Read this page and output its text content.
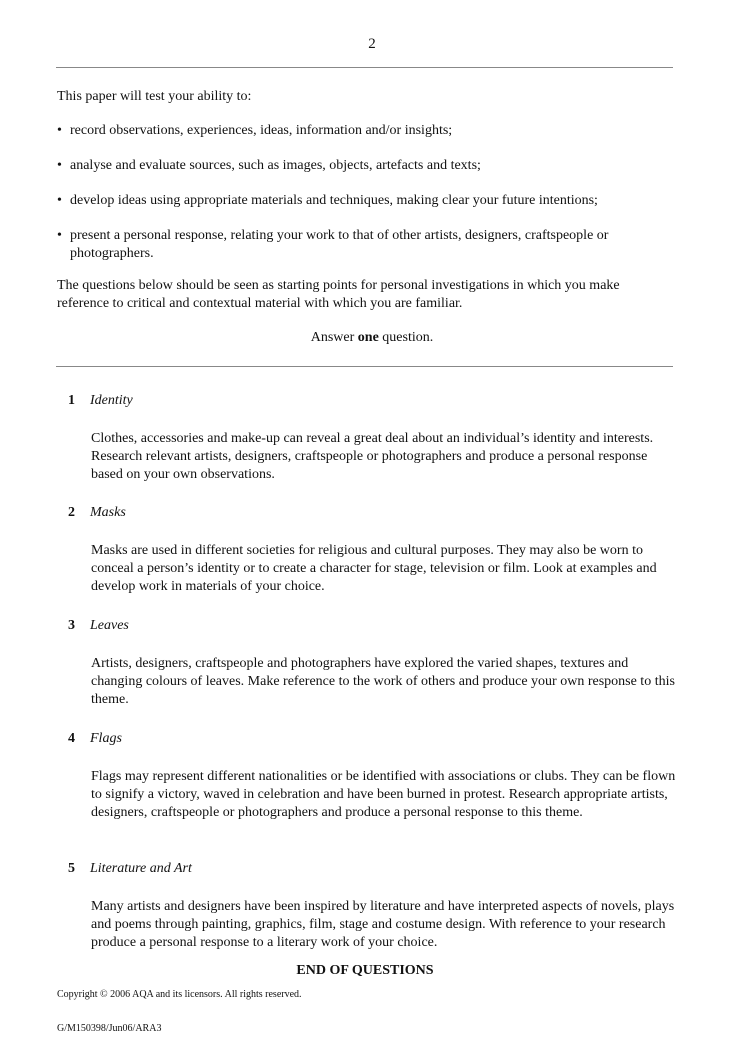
2
This paper will test your ability to:
• record observations, experiences, ideas, information and/or insights;
• analyse and evaluate sources, such as images, objects, artefacts and texts;
• develop ideas using appropriate materials and techniques, making clear your future intentions;
• present a personal response, relating your work to that of other artists, designers, craftspeople or photographers.
The questions below should be seen as starting points for personal investigations in which you make reference to critical and contextual material with which you are familiar.
Answer one question.
1 Identity
Clothes, accessories and make-up can reveal a great deal about an individual’s identity and interests. Research relevant artists, designers, craftspeople or photographers and produce a personal response based on your own observations.
2 Masks
Masks are used in different societies for religious and cultural purposes. They may also be worn to conceal a person’s identity or to create a character for stage, television or film. Look at examples and develop work in materials of your choice.
3 Leaves
Artists, designers, craftspeople and photographers have explored the varied shapes, textures and changing colours of leaves. Make reference to the work of others and produce your own response to this theme.
4 Flags
Flags may represent different nationalities or be identified with associations or clubs. They can be flown to signify a victory, waved in celebration and have been burned in protest. Research appropriate artists, designers, craftspeople or photographers and produce a personal response to this theme.
5 Literature and Art
Many artists and designers have been inspired by literature and have interpreted aspects of novels, plays and poems through painting, graphics, film, stage and costume design. With reference to your research produce a personal response to a literary work of your choice.
END OF QUESTIONS
Copyright © 2006 AQA and its licensors. All rights reserved.
G/M150398/Jun06/ARA3
